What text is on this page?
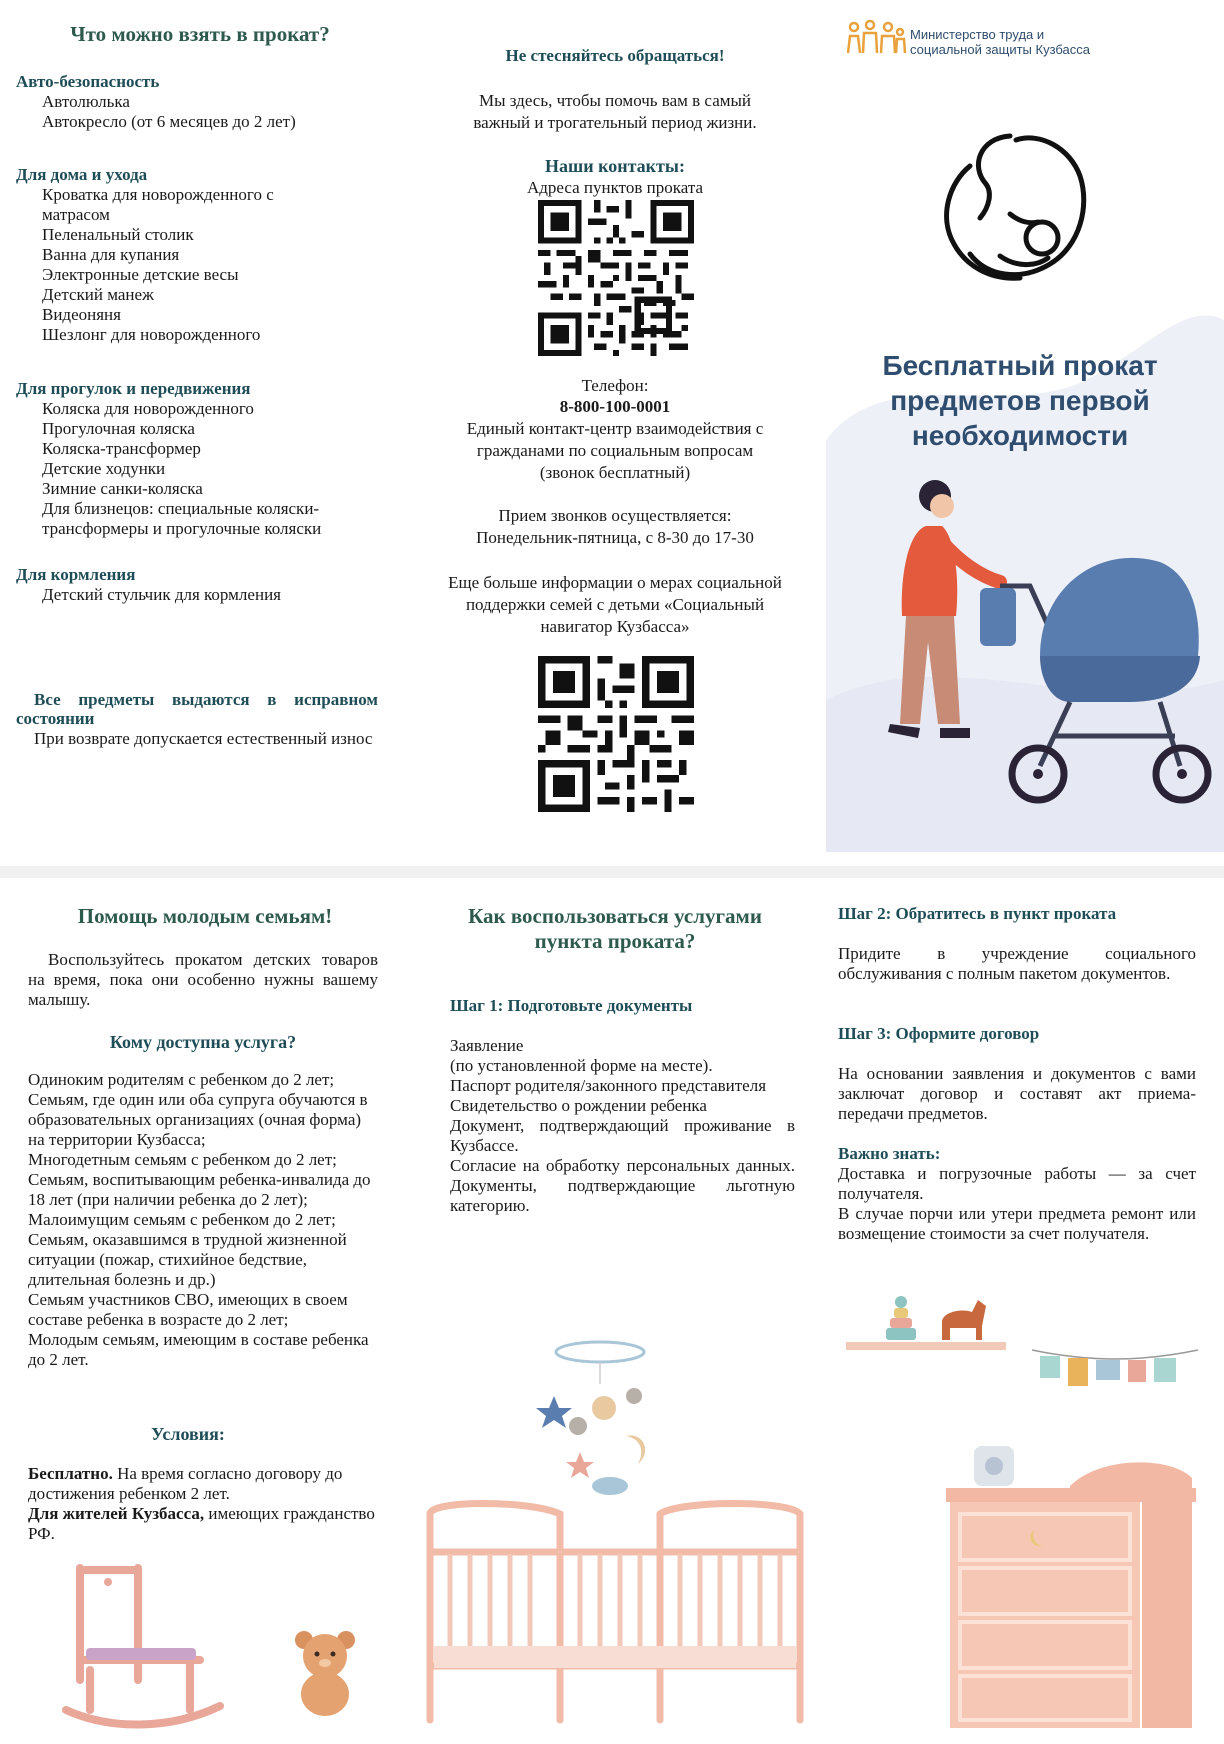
Что можно взять в прокат?
Авто-безопасность
Автолюлька
Автокресло (от 6 месяцев до 2 лет)
Для дома и ухода
Кроватка для новорожденного с
матрасом
Пеленальный столик
Ванна для купания
Электронные детские весы
Детский манеж
Видеоняня
Шезлонг для новорожденного
Для прогулок и передвижения
Коляска для новорожденного
Прогулочная коляска
Коляска-трансформер
Детские ходунки
Зимние санки-коляска
Для близнецов: специальные коляски-
трансформеры и прогулочные коляски
Для кормления
Детский стульчик для кормления
Все предметы выдаются в исправном состоянии
При возврате допускается естественный износ
Не стесняйтесь обращаться!
Мы здесь, чтобы помочь вам в самый важный и трогательный период жизни.
Наши контакты:
Адреса пунктов проката
Телефон:
8-800-100-0001
Единый контакт-центр взаимодействия с гражданами по социальным вопросам (звонок бесплатный)
Прием звонков осуществляется:
Понедельник-пятница, с 8-30 до 17-30
Еще больше информации о мерах социальной поддержки семей с детьми «Социальный навигатор Кузбасса»
Министерство труда и
социальной защиты Кузбасса
Бесплатный прокат
предметов первой
необходимости
Помощь молодым семьям!
Воспользуйтесь прокатом детских товаров на время, пока они особенно нужны вашему малышу.
Кому доступна услуга?
Одиноким родителям с ребенком до 2 лет;
Семьям, где один или оба супруга обучаются в образовательных организациях (очная форма) на территории Кузбасса;
Многодетным семьям с ребенком до 2 лет;
Семьям, воспитывающим ребенка-инвалида до 18 лет (при наличии ребенка до 2 лет);
Малоимущим семьям с ребенком до 2 лет;
Семьям, оказавшимся в трудной жизненной ситуации (пожар, стихийное бедствие, длительная болезнь и др.)
Семьям участников СВО, имеющих в своем составе ребенка в возрасте до 2 лет;
Молодым семьям, имеющим в составе ребенка до 2 лет.
Условия:
Бесплатно. На время согласно договору до достижения ребенком 2 лет.
Для жителей Кузбасса, имеющих гражданство РФ.
Как воспользоваться услугами пункта проката?
Шаг 1: Подготовьте документы
Заявление
(по установленной форме на месте).
Паспорт родителя/законного представителя
Свидетельство о рождении ребенка
Документ, подтверждающий проживание в Кузбассе.
Согласие на обработку персональных данных. Документы, подтверждающие льготную категорию.
Шаг 2: Обратитесь в пункт проката
Придите в учреждение социального обслуживания с полным пакетом документов.
Шаг 3: Оформите договор
На основании заявления и документов с вами заключат договор и составят акт приема-передачи предметов.
Важно знать:
Доставка и погрузочные работы — за счет получателя.
В случае порчи или утери предмета ремонт или возмещение стоимости за счет получателя.
